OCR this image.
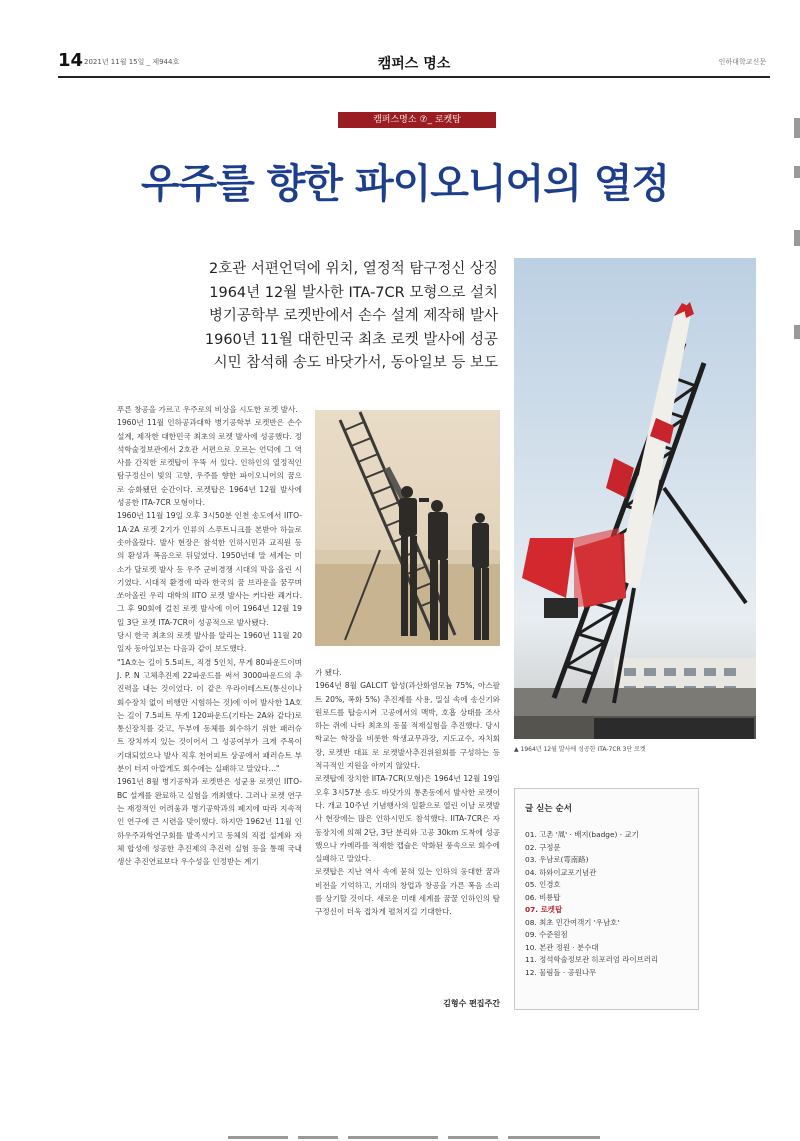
14 2021년 11월 15일 _ 제944호	캠퍼스 명소	인하대학교신문
캠퍼스명소 ⑦_ 로켓탑
우주를 향한 파이오니어의 열정
2호관 서편언덕에 위치, 열정적 탐구정신 상징
1964년 12월 발사한 ITA-7CR 모형으로 설치
병기공학부 로켓반에서 손수 설계 제작해 발사
1960년 11월 대한민국 최초 로켓 발사에 성공
시민 참석해 송도 바닷가서, 동아일보 등 보도

푸른 창공을 가르고 우주로의 비상을 시도한 로켓 발사.

1960년 11월 인하공과대학 병기공학부 로켓반은 손수 설계, 제작한 대한민국 최초의 로켓 발사에 성공했다. 정석학술정보관에서 2호관 서편으로 오르는 언덕에 그 역사를 간직한 로켓탑이 우뚝 서 있다. 인하인의 열정적인 탐구정신이 빛의 고향, 우주를 향한 파이오니어의 꿈으로 승화됐던 순간이다. 로켓탑은 1964년 12월 발사에 성공한 ITA-7CR 모형이다.

1960년 11월 19일 오후 3시50분 인천 송도에서 IITO-1A·2A 로켓 2기가 인류의 스푸트니크를 본받아 하늘로 솟아올랐다. 발사 현장은 참석한 인하시민과 교직원 등의 환성과 폭음으로 뒤덮였다. 1950년대 말 세계는 미소가 달로켓 발사 등 우주 군비경쟁 시대의 막을 올린 시기였다. 시대적 환경에 따라 한국의 꿈 브라운을 꿈꾸며 쏘아올린 우리 대학의 IITO 로켓 발사는 커다란 쾌거다. 그 후 90회에 걸친 로켓 발사에 이어 1964년 12월 19일 3단 로켓 ITA-7CR이 성공적으로 발사됐다.

당시 한국 최초의 로켓 발사를 알리는 1960년 11월 20일자 동아일보는 다음과 같이 보도했다.

"1A호는 길이 5.5피트, 직경 5인치, 무게 80파운드이며 J. P. N 고체추진제 22파운드를 써서 3000파운드의 추진력을 내는 것이었다. 이 같은 우라이테스트(통신이나 회수장치 없이 비행만 시험하는 것)에 이어 발사한 1A호는 길이 7.5피트 무게 120파운드(기타는 2A와 같다)로 통신장치를 갖고, 두부에 동체를 회수하기 위한 패러슈트 장치까지 있는 것이어서 그 성공여부가 크게 주목이 기대되었으나 발사 직후 천어피트 상공에서 패러슈트 부분이 터져 아깝게도 회수에는 실패하고 말았다…"

1961년 8월 병기공학과 로켓반은 성균용 로켓인 IITO-BC 설계를 완료하고 실험을 개최했다. 그러나 로켓 연구는 재정적인 어려움과 병기공학과의 폐지에 따라 지속적인 연구에 큰 시련을 맞이했다. 하지만 1962년 11월 인하우주과학연구회를 발족시키고 동체의 직접 설계와 자체 합성에 성공한 추진제의 추진력 실험 등을 통해 국내 생산 추진연료보다 우수성을 인정받는 계기

가 됐다.

1964년 8월 GALCIT 합성(과산화염모늄 75%, 아스팔트 20%, 폭화 5%) 추진제를 사용, 밀실 속에 송신기와 원로드를 탑승시켜 고공에서의 맥박, 호흡 상태를 조사하는 쥐에 나타 최초의 동물 적재실험을 추진했다. 당시 학교는 학장을 비롯한 학생교무과장, 지도교수, 자치회장, 로켓반 대표 로 로켓발사추진위원회를 구성하는 등 적극적인 지원을 아끼지 않았다.

로켓탑에 장치한 IITA-7CR(모형)은 1964년 12월 19일 오후 3시57분 송도 바닷가의 통촌동에서 발사한 로켓이다. 개교 10주년 기념행사의 일환으로 열린 이날 로켓발사 현장에는 많은 인하시민도 참석했다. IITA-7CR은 자동장치에 의해 2단, 3단 분리와 고공 30km 도착에 성공했으나 카메라를 적재한 캡슐은 약화된 풍속으로 회수에 실패하고 말았다.

로켓탑은 지난 역사 속에 묻혀 있는 인하의 웅대한 꿈과 비전을 기억하고, 기대의 창업과 창공을 가른 폭음 소리를 상기할 것이다. 새로운 미래 세계를 꿈꿀 인하인의 탐구정신이 더욱 접차게 펼쳐지길 기대한다.

김형수 편집주간
▲ 1964년 12월 발사에 성공한 ITA-7CR 3단 로켓
글 싣는 순서
01. 고촌 '凮' · 배지(badge) · 교기
02. 구정문
03. 우남로(雩南路)
04. 하와이교포기념관
05. 인경호
06. 비룡탑
07. 로켓탑
08. 최초 민간여객기 '우남호'
09. 수준원점
10. 본관 정원 · 분수대
11. 정석학술정보관 히포러엄 라이브러리
12. 물림돌 · 공원나무
